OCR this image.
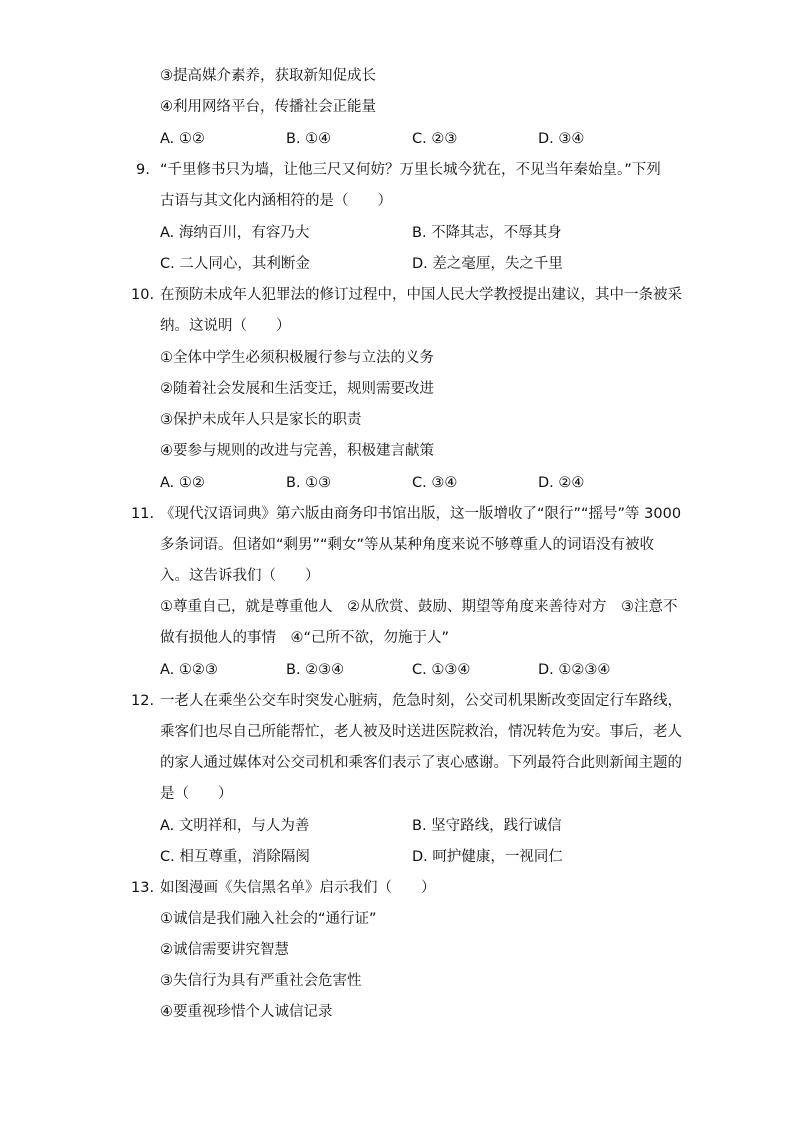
③提高媒介素养，获取新知促成长
④利用网络平台，传播社会正能量
A. ①②	B. ①④	C. ②③	D. ③④
9. “千里修书只为墙，让他三尺又何妨？万里长城今犹在，不见当年秦始皇。”下列
古语与其文化内涵相符的是（　　）
A. 海纳百川，有容乃大	B. 不降其志，不辱其身
C. 二人同心，其利断金	D. 差之毫厘，失之千里
10. 在预防未成年人犯罪法的修订过程中，中国人民大学教授提出建议，其中一条被采
纳。这说明（　　）
①全体中学生必须积极履行参与立法的义务
②随着社会发展和生活变迁，规则需要改进
③保护未成年人只是家长的职责
④要参与规则的改进与完善，积极建言献策
A. ①②	B. ①③	C. ③④	D. ②④
11. 《现代汉语词典》第六版由商务印书馆出版，这一版增收了“限行”“摇号”等 3000
多条词语。但诸如“剩男”“剩女”等从某种角度来说不够尊重人的词语没有被收
入。这告诉我们（　　）
①尊重自己，就是尊重他人　②从欣赏、鼓励、期望等角度来善待对方　③注意不
做有损他人的事情　④“己所不欲，勿施于人”
A. ①②③	B. ②③④	C. ①③④	D. ①②③④
12. 一老人在乘坐公交车时突发心脏病，危急时刻，公交司机果断改变固定行车路线，
乘客们也尽自己所能帮忙，老人被及时送进医院救治，情况转危为安。事后，老人
的家人通过媒体对公交司机和乘客们表示了衷心感谢。下列最符合此则新闻主题的
是（　　）
A. 文明祥和，与人为善	B. 坚守路线，践行诚信
C. 相互尊重，消除隔阂	D. 呵护健康，一视同仁
13. 如图漫画《失信黑名单》启示我们（　　）
①诚信是我们融入社会的“通行证”
②诚信需要讲究智慧
③失信行为具有严重社会危害性
④要重视珍惜个人诚信记录
